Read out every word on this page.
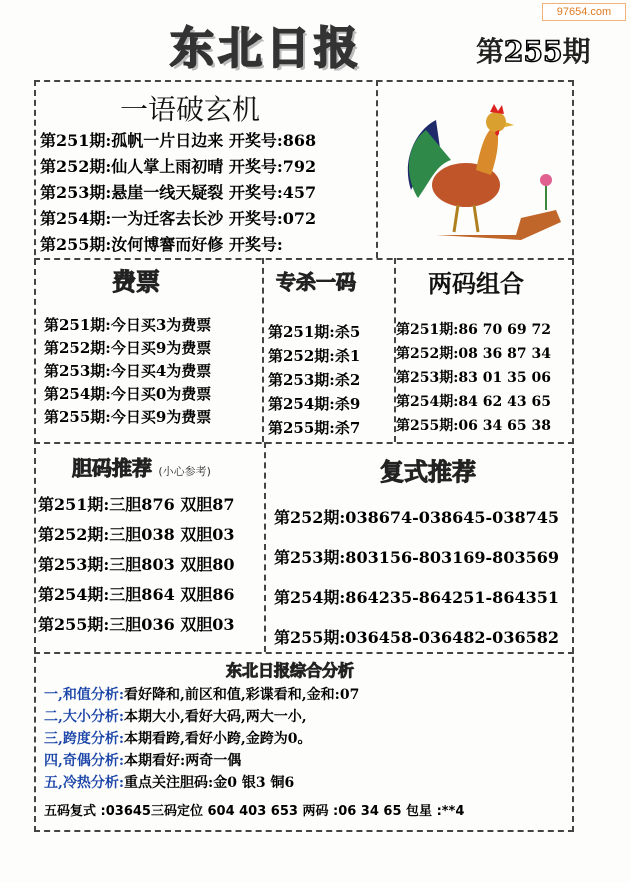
97654.com
东北日报	第255期
一语破玄机
第251期:孤帆一片日边来 开奖号:868
第252期:仙人掌上雨初晴 开奖号:792
第253期:悬崖一线天疑裂 开奖号:457
第254期:一为迁客去长沙 开奖号:072
第255期:汝何博謇而好修 开奖号:
费票
第251期:今日买3为费票
第252期:今日买9为费票
第253期:今日买4为费票
第254期:今日买0为费票
第255期:今日买9为费票
专杀一码
第251期:杀5
第252期:杀1
第253期:杀2
第254期:杀9
第255期:杀7
两码组合
第251期:86 70 69 72
第252期:08 36 87 34
第253期:83 01 35 06
第254期:84 62 43 65
第255期:06 34 65 38
胆码推荐 (小心参考)
第251期:三胆876 双胆87
第252期:三胆038 双胆03
第253期:三胆803 双胆80
第254期:三胆864 双胆86
第255期:三胆036 双胆03
复式推荐
第252期:038674-038645-038745
第253期:803156-803169-803569
第254期:864235-864251-864351
第255期:036458-036482-036582
东北日报综合分析
一,和值分析:看好降和,前区和值,彩谍看和,金和:07
二,大小分析:本期大小,看好大码,两大一小,
三,跨度分析:本期看跨,看好小跨,金跨为0。
四,奇偶分析:本期看好:两奇一偶
五,冷热分析:重点关注胆码:金0 银3 铜6
五码复式 :03645三码定位 604 403 653 两码 :06 34 65 包星 :**4
